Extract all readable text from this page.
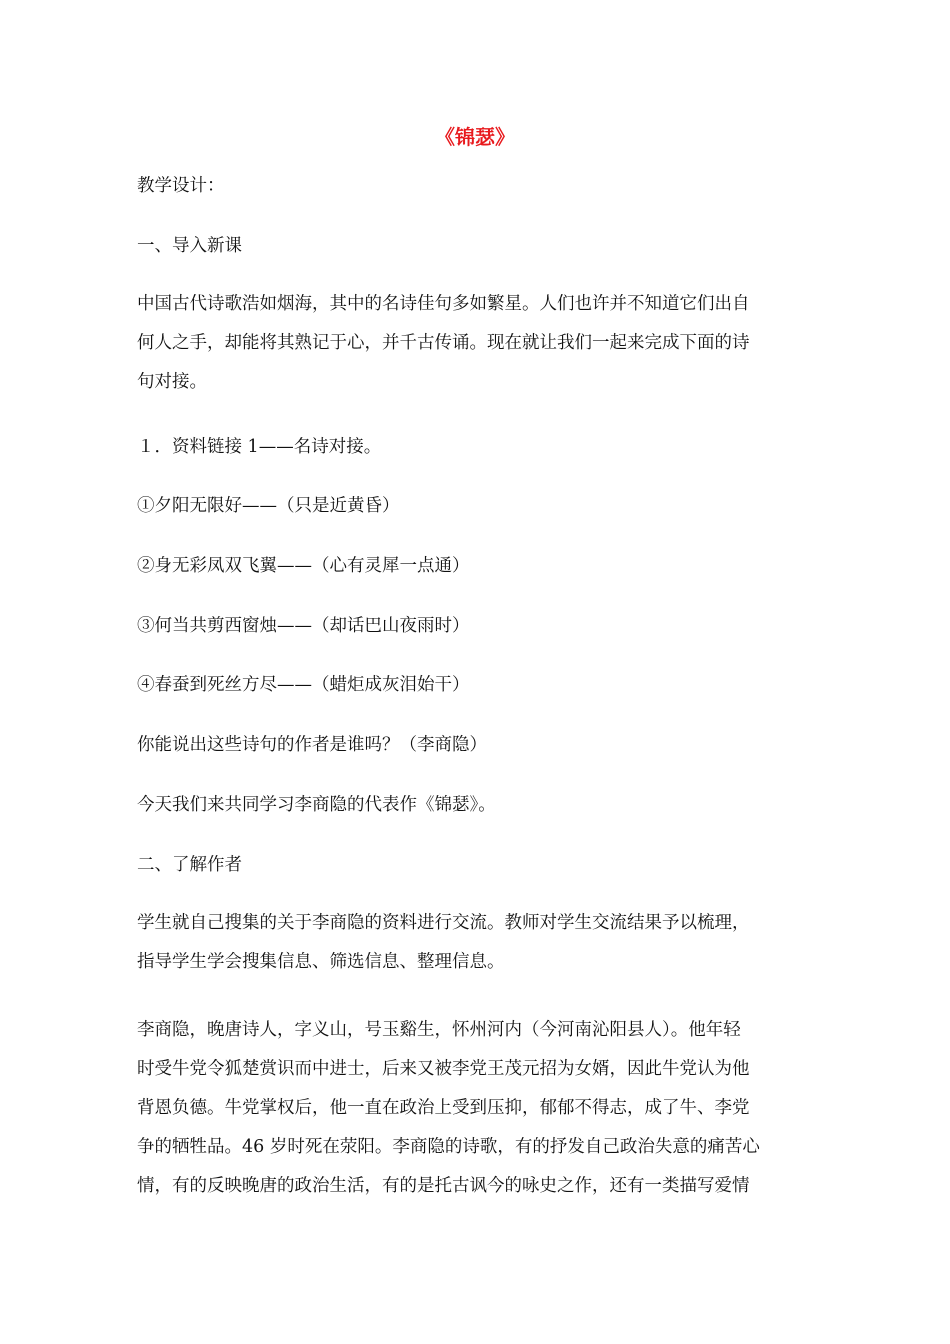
《锦瑟》

教学设计：

一、导入新课

中国古代诗歌浩如烟海，其中的名诗佳句多如繁星。人们也许并不知道它们出自
何人之手，却能将其熟记于心，并千古传诵。现在就让我们一起来完成下面的诗
句对接。

１．资料链接 1——名诗对接。

①夕阳无限好——（只是近黄昏）

②身无彩凤双飞翼——（心有灵犀一点通）

③何当共剪西窗烛——（却话巴山夜雨时）

④春蚕到死丝方尽——（蜡炬成灰泪始干）

你能说出这些诗句的作者是谁吗？（李商隐）

今天我们来共同学习李商隐的代表作《锦瑟》。

二、了解作者

学生就自己搜集的关于李商隐的资料进行交流。教师对学生交流结果予以梳理，
指导学生学会搜集信息、筛选信息、整理信息。
李商隐，晚唐诗人，字义山，号玉谿生，怀州河内（今河南沁阳县人）。他年轻
时受牛党令狐楚赏识而中进士，后来又被李党王茂元招为女婿，因此牛党认为他
背恩负德。牛党掌权后，他一直在政治上受到压抑，郁郁不得志，成了牛、李党
争的牺牲品。46 岁时死在荥阳。李商隐的诗歌，有的抒发自己政治失意的痛苦心
情，有的反映晚唐的政治生活，有的是托古讽今的咏史之作，还有一类描写爱情
